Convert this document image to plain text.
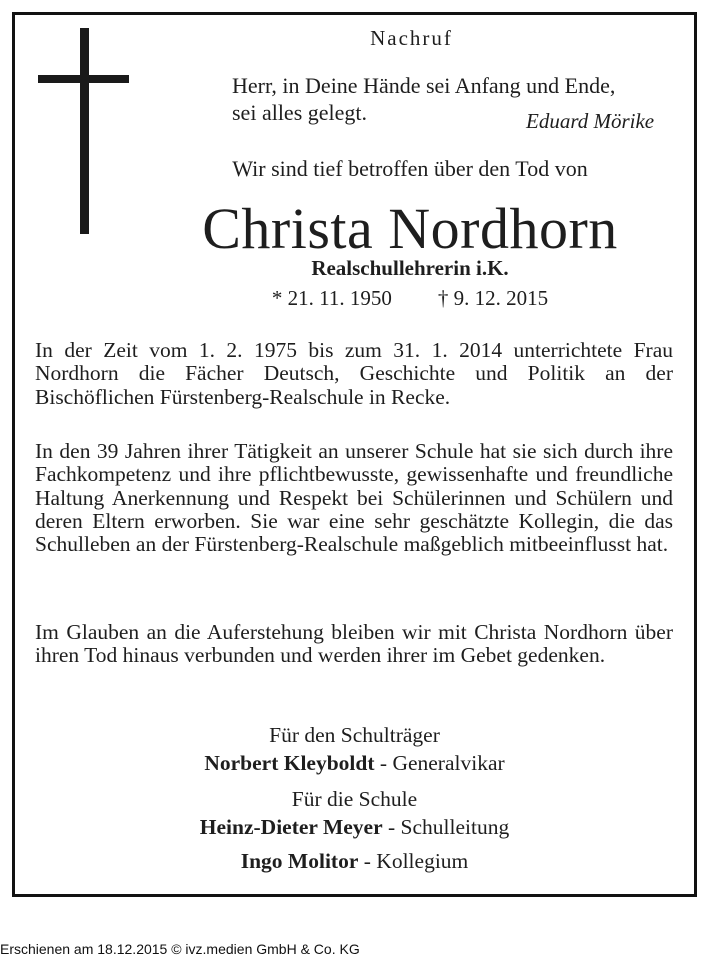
Nachruf
Herr, in Deine Hände sei Anfang und Ende,
sei alles gelegt.	Eduard Mörike
Wir sind tief betroffen über den Tod von
Christa Nordhorn
Realschullehrerin i.K.
* 21. 11. 1950 † 9. 12. 2015
In der Zeit vom 1. 2. 1975 bis zum 31. 1. 2014 unterrichtete Frau Nordhorn die Fächer Deutsch, Geschichte und Politik an der Bischöflichen Fürstenberg-Realschule in Recke.
In den 39 Jahren ihrer Tätigkeit an unserer Schule hat sie sich durch ihre Fachkompetenz und ihre pflichtbewusste, gewissenhafte und freundliche Haltung Anerkennung und Respekt bei Schülerinnen und Schülern und deren Eltern erworben. Sie war eine sehr geschätzte Kollegin, die das Schulleben an der Fürstenberg-Realschule maßgeblich mitbeeinflusst hat.
Im Glauben an die Auferstehung bleiben wir mit Christa Nordhorn über ihren Tod hinaus verbunden und werden ihrer im Gebet gedenken.
Für den Schulträger
Norbert Kleyboldt - Generalvikar
Für die Schule
Heinz-Dieter Meyer - Schulleitung
Ingo Molitor - Kollegium
Erschienen am 18.12.2015 © ivz.medien GmbH & Co. KG
